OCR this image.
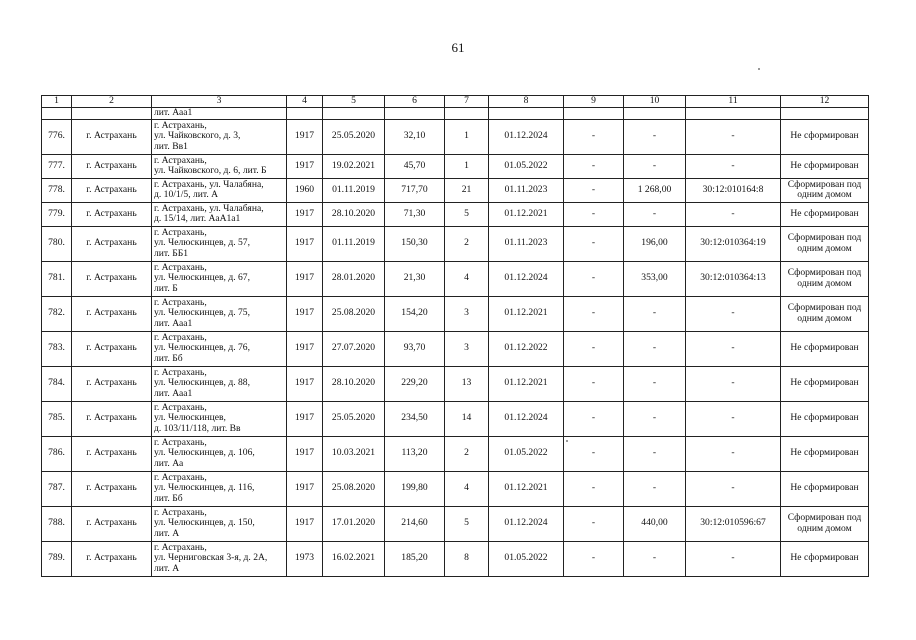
61
1	2	3	4	5	6	7	8	9	10	11	12
		лит. Ааа1									
776.	г. Астрахань	г. Астрахань,
ул. Чайковского, д. 3,
лит. Вв1	1917	25.05.2020	32,10	1	01.12.2024	-	-	-	Не сформирован
777.	г. Астрахань	г. Астрахань,
ул. Чайковского, д. 6, лит. Б	1917	19.02.2021	45,70	1	01.05.2022	-	-	-	Не сформирован
778.	г. Астрахань	г. Астрахань, ул. Чалабяна,
д. 10/1/5, лит. А	1960	01.11.2019	717,70	21	01.11.2023	-	1 268,00	30:12:010164:8	Сформирован под
одним домом
779.	г. Астрахань	г. Астрахань, ул. Чалабяна,
д. 15/14, лит. АаА1а1	1917	28.10.2020	71,30	5	01.12.2021	-	-	-	Не сформирован
780.	г. Астрахань	г. Астрахань,
ул. Челюскинцев, д. 57,
лит. ББ1	1917	01.11.2019	150,30	2	01.11.2023	-	196,00	30:12:010364:19	Сформирован под
одним домом
781.	г. Астрахань	г. Астрахань,
ул. Челюскинцев, д. 67,
лит. Б	1917	28.01.2020	21,30	4	01.12.2024	-	353,00	30:12:010364:13	Сформирован под
одним домом
782.	г. Астрахань	г. Астрахань,
ул. Челюскинцев, д. 75,
лит. Ааа1	1917	25.08.2020	154,20	3	01.12.2021	-	-	-	Сформирован под
одним домом
783.	г. Астрахань	г. Астрахань,
ул. Челюскинцев, д. 76,
лит. Бб	1917	27.07.2020	93,70	3	01.12.2022	-	-	-	Не сформирован
784.	г. Астрахань	г. Астрахань,
ул. Челюскинцев, д. 88,
лит. Ааа1	1917	28.10.2020	229,20	13	01.12.2021	-	-	-	Не сформирован
785.	г. Астрахань	г. Астрахань,
ул. Челюскинцев,
д. 103/11/118, лит. Вв	1917	25.05.2020	234,50	14	01.12.2024	-	-	-	Не сформирован
786.	г. Астрахань	г. Астрахань,
ул. Челюскинцев, д. 106,
лит. Аа	1917	10.03.2021	113,20	2	01.05.2022	-	-	-	Не сформирован
787.	г. Астрахань	г. Астрахань,
ул. Челюскинцев, д. 116,
лит. Бб	1917	25.08.2020	199,80	4	01.12.2021	-	-	-	Не сформирован
788.	г. Астрахань	г. Астрахань,
ул. Челюскинцев, д. 150,
лит. А	1917	17.01.2020	214,60	5	01.12.2024	-	440,00	30:12:010596:67	Сформирован под
одним домом
789.	г. Астрахань	г. Астрахань,
ул. Черниговская 3-я, д. 2А,
лит. А	1973	16.02.2021	185,20	8	01.05.2022	-	-	-	Не сформирован
